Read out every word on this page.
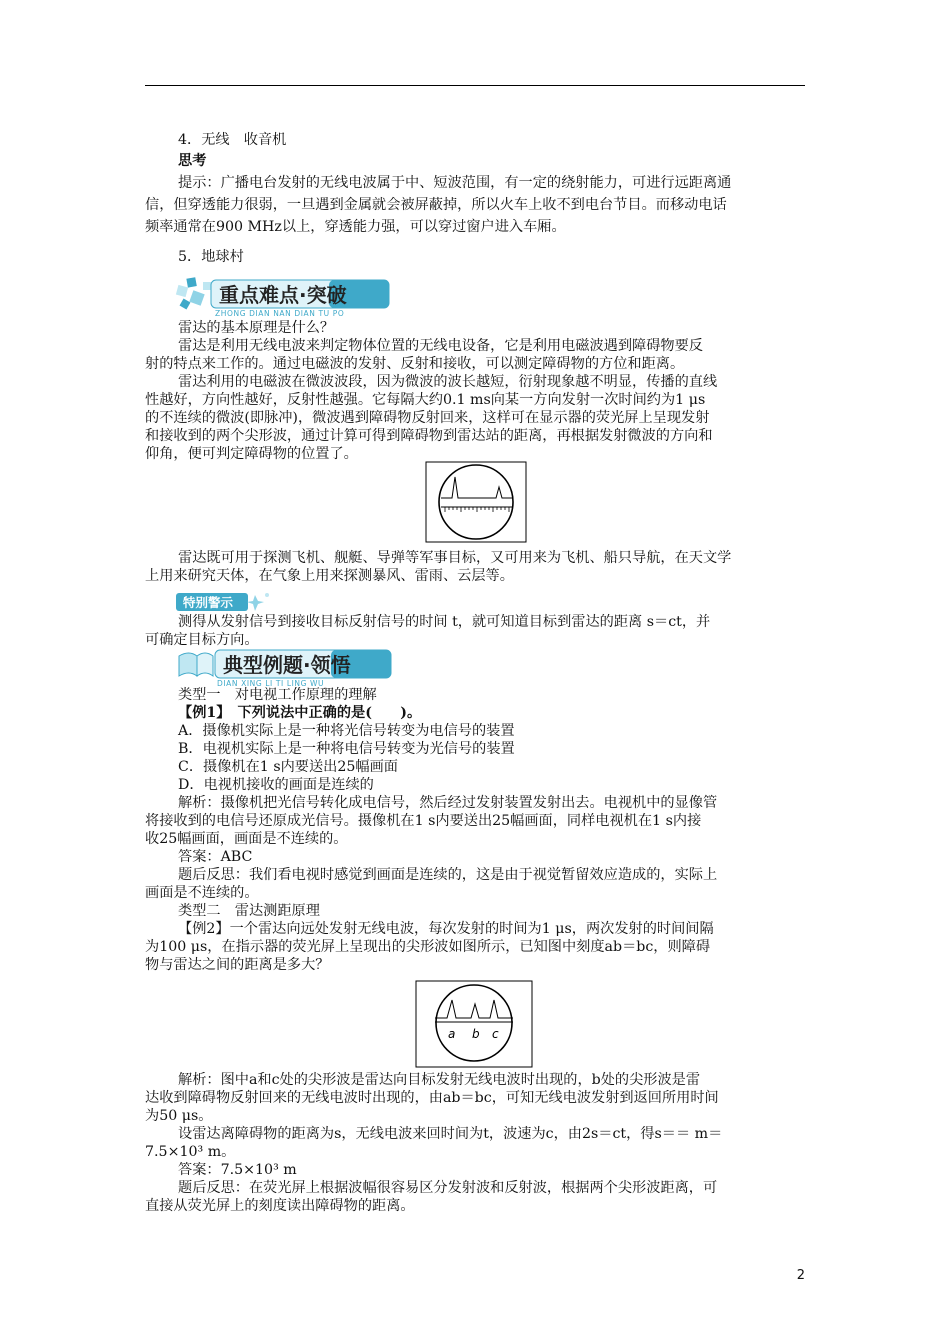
4．无线　收音机
思考
提示：广播电台发射的无线电波属于中、短波范围，有一定的绕射能力，可进行远距离通
信，但穿透能力很弱，一旦遇到金属就会被屏蔽掉，所以火车上收不到电台节目。而移动电话
频率通常在900 MHz以上，穿透能力强，可以穿过窗户进入车厢。
5．地球村
重点难点·突破
ZHONG DIAN NAN DIAN TU PO
雷达的基本原理是什么？
雷达是利用无线电波来判定物体位置的无线电设备，它是利用电磁波遇到障碍物要反
射的特点来工作的。通过电磁波的发射、反射和接收，可以测定障碍物的方位和距离。
雷达利用的电磁波在微波波段，因为微波的波长越短，衍射现象越不明显，传播的直线
性越好，方向性越好，反射性越强。它每隔大约0.1 ms向某一方向发射一次时间约为1 μs
的不连续的微波(即脉冲)，微波遇到障碍物反射回来，这样可在显示器的荧光屏上呈现发射
和接收到的两个尖形波，通过计算可得到障碍物到雷达站的距离，再根据发射微波的方向和
仰角，便可判定障碍物的位置了。
雷达既可用于探测飞机、舰艇、导弹等军事目标，又可用来为飞机、船只导航，在天文学
上用来研究天体，在气象上用来探测暴风、雷雨、云层等。
特别警示
测得从发射信号到接收目标反射信号的时间 t，就可知道目标到雷达的距离 s＝ct，并
可确定目标方向。
典型例题·领悟
DIAN XING LI TI LING WU
类型一　对电视工作原理的理解
【例1】　下列说法中正确的是(　　)。
A．摄像机实际上是一种将光信号转变为电信号的装置
B．电视机实际上是一种将电信号转变为光信号的装置
C．摄像机在1 s内要送出25幅画面
D．电视机接收的画面是连续的
解析：摄像机把光信号转化成电信号，然后经过发射装置发射出去。电视机中的显像管
将接收到的电信号还原成光信号。摄像机在1 s内要送出25幅画面，同样电视机在1 s内接
收25幅画面，画面是不连续的。
答案：ABC
题后反思：我们看电视时感觉到画面是连续的，这是由于视觉暂留效应造成的，实际上
画面是不连续的。
类型二　雷达测距原理
【例2】一个雷达向远处发射无线电波，每次发射的时间为1 μs，两次发射的时间间隔
为100 μs，在指示器的荧光屏上呈现出的尖形波如图所示，已知图中刻度ab＝bc，则障碍
物与雷达之间的距离是多大？
a b c
解析：图中a和c处的尖形波是雷达向目标发射无线电波时出现的，b处的尖形波是雷
达收到障碍物反射回来的无线电波时出现的，由ab＝bc，可知无线电波发射到返回所用时间
为50 μs。
设雷达离障碍物的距离为s，无线电波来回时间为t，波速为c，由2s＝ct，得s＝＝ m＝
7.5×10³ m。
答案：7.5×10³ m
题后反思：在荧光屏上根据波幅很容易区分发射波和反射波，根据两个尖形波距离，可
直接从荧光屏上的刻度读出障碍物的距离。
2
